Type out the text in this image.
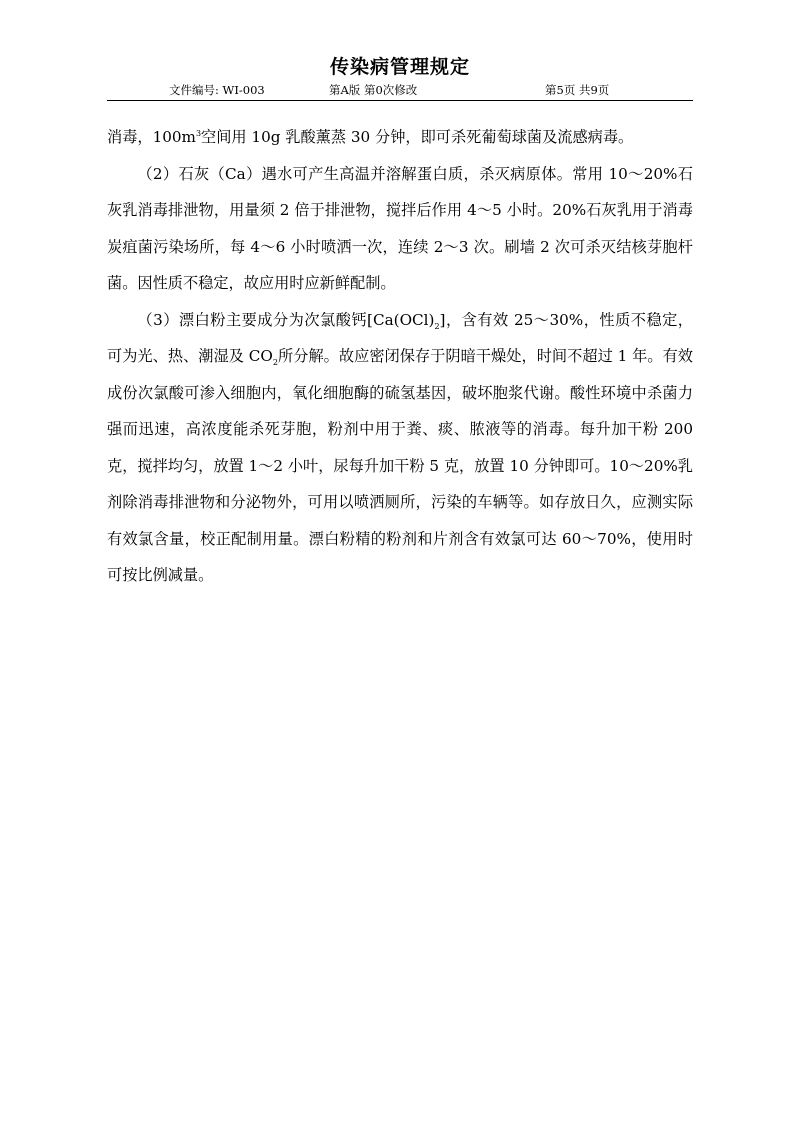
传染病管理规定
文件编号: WI-003	第A版 第0次修改	第5页 共9页

消毒，$100m^3$空间用 10g 乳酸薰蒸 30 分钟，即可杀死葡萄球菌及流感病毒。

（2）石灰（Ca）遇水可产生高温并溶解蛋白质，杀灭病原体。常用 10～20%石灰乳消毒排泄物，用量须 2 倍于排泄物，搅拌后作用 4～5 小时。20%石灰乳用于消毒炭疽菌污染场所，每 4～6 小时喷洒一次，连续 2～3 次。刷墙 2 次可杀灭结核芽胞杆菌。因性质不稳定，故应用时应新鲜配制。

（3）漂白粉主要成分为次氯酸钙$[Ca(OCl)_2]$，含有效 25～30%，性质不稳定，可为光、热、潮湿及 $CO_2$所分解。故应密闭保存于阴暗干燥处，时间不超过 1 年。有效成份次氯酸可渗入细胞内，氧化细胞酶的硫氢基因，破坏胞浆代谢。酸性环境中杀菌力强而迅速，高浓度能杀死芽胞，粉剂中用于粪、痰、脓液等的消毒。每升加干粉 200 克，搅拌均匀，放置 1～2 小叶，尿每升加干粉 5 克，放置 10 分钟即可。10～20%乳剂除消毒排泄物和分泌物外，可用以喷洒厕所，污染的车辆等。如存放日久，应测实际有效氯含量，校正配制用量。漂白粉精的粉剂和片剂含有效氯可达 60～70%，使用时可按比例减量。
